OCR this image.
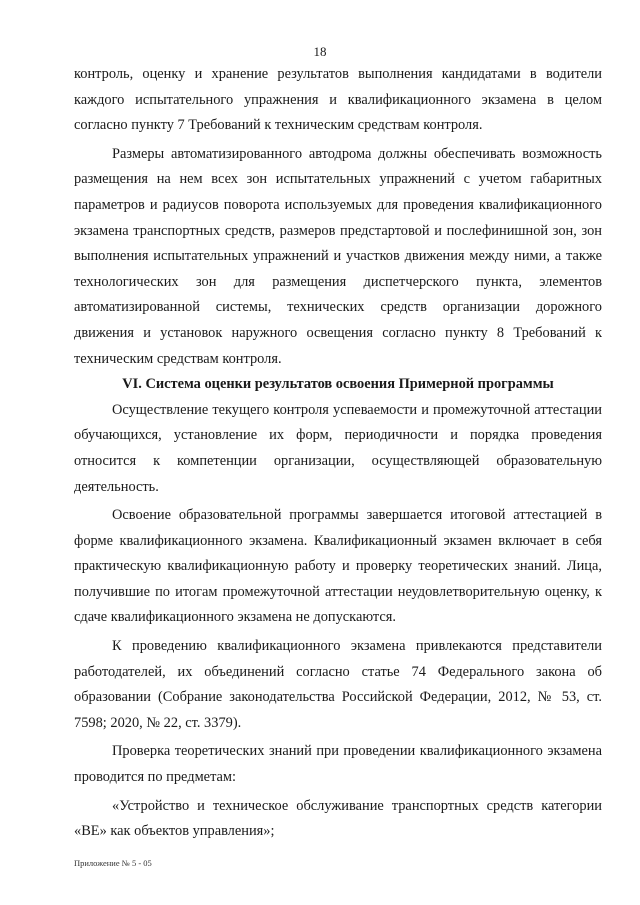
18

контроль, оценку и хранение результатов выполнения кандидатами в водители каждого испытательного упражнения и квалификационного экзамена в целом согласно пункту 7 Требований к техническим средствам контроля.

Размеры автоматизированного автодрома должны обеспечивать возможность размещения на нем всех зон испытательных упражнений с учетом габаритных параметров и радиусов поворота используемых для проведения квалификационного экзамена транспортных средств, размеров предстартовой и послефинишной зон, зон выполнения испытательных упражнений и участков движения между ними, а также технологических зон для размещения диспетчерского пункта, элементов автоматизированной системы, технических средств организации дорожного движения и установок наружного освещения согласно пункту 8 Требований к техническим средствам контроля.

VI. Система оценки результатов освоения Примерной программы

Осуществление текущего контроля успеваемости и промежуточной аттестации обучающихся, установление их форм, периодичности и порядка проведения относится к компетенции организации, осуществляющей образовательную деятельность.

Освоение образовательной программы завершается итоговой аттестацией в форме квалификационного экзамена. Квалификационный экзамен включает в себя практическую квалификационную работу и проверку теоретических знаний. Лица, получившие по итогам промежуточной аттестации неудовлетворительную оценку, к сдаче квалификационного экзамена не допускаются.

К проведению квалификационного экзамена привлекаются представители работодателей, их объединений согласно статье 74 Федерального закона об образовании (Собрание законодательства Российской Федерации, 2012, № 53, ст. 7598; 2020, № 22, ст. 3379).

Проверка теоретических знаний при проведении квалификационного экзамена проводится по предметам:

«Устройство и техническое обслуживание транспортных средств категории «ВЕ» как объектов управления»;

Приложение № 5 - 05
